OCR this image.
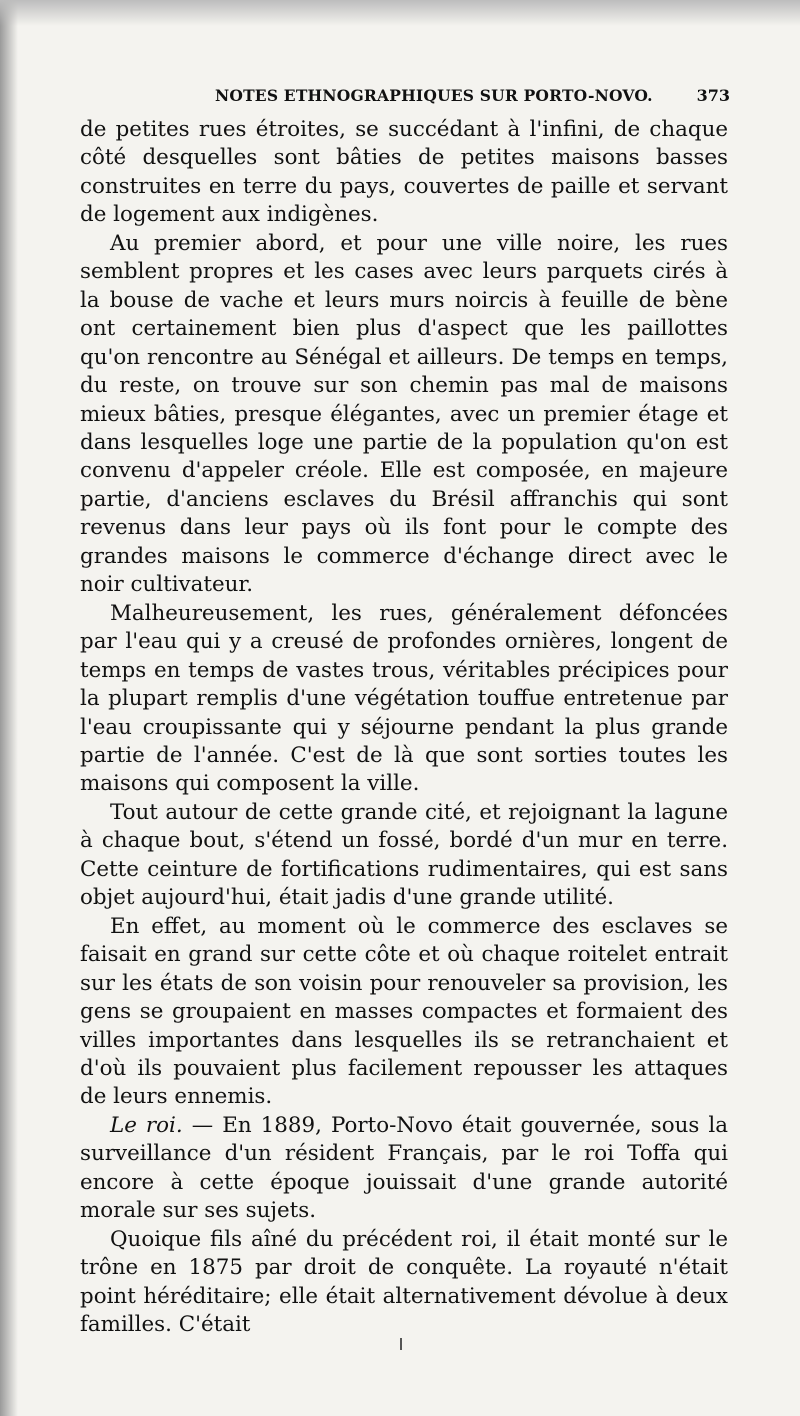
NOTES ETHNOGRAPHIQUES SUR PORTO-NOVO.	373

de petites rues étroites, se succédant à l'infini, de chaque côté desquelles sont bâties de petites maisons basses construites en terre du pays, couvertes de paille et servant de logement aux indigènes.

Au premier abord, et pour une ville noire, les rues semblent propres et les cases avec leurs parquets cirés à la bouse de vache et leurs murs noircis à feuille de bène ont certainement bien plus d'aspect que les paillottes qu'on rencontre au Sénégal et ailleurs. De temps en temps, du reste, on trouve sur son chemin pas mal de maisons mieux bâties, presque élégantes, avec un premier étage et dans lesquelles loge une partie de la population qu'on est convenu d'appeler créole. Elle est composée, en majeure partie, d'anciens esclaves du Brésil affranchis qui sont revenus dans leur pays où ils font pour le compte des grandes maisons le commerce d'échange direct avec le noir cultivateur.

Malheureusement, les rues, généralement défoncées par l'eau qui y a creusé de profondes ornières, longent de temps en temps de vastes trous, véritables précipices pour la plupart remplis d'une végétation touffue entretenue par l'eau croupissante qui y séjourne pendant la plus grande partie de l'année. C'est de là que sont sorties toutes les maisons qui composent la ville.

Tout autour de cette grande cité, et rejoignant la lagune à chaque bout, s'étend un fossé, bordé d'un mur en terre. Cette ceinture de fortifications rudimentaires, qui est sans objet aujourd'hui, était jadis d'une grande utilité.

En effet, au moment où le commerce des esclaves se faisait en grand sur cette côte et où chaque roitelet entrait sur les états de son voisin pour renouveler sa provision, les gens se groupaient en masses compactes et formaient des villes importantes dans lesquelles ils se retranchaient et d'où ils pouvaient plus facilement repousser les attaques de leurs ennemis.

Le roi. — En 1889, Porto-Novo était gouvernée, sous la surveillance d'un résident Français, par le roi Toffa qui encore à cette époque jouissait d'une grande autorité morale sur ses sujets.

Quoique fils aîné du précédent roi, il était monté sur le trône en 1875 par droit de conquête. La royauté n'était point héréditaire; elle était alternativement dévolue à deux familles. C'était
